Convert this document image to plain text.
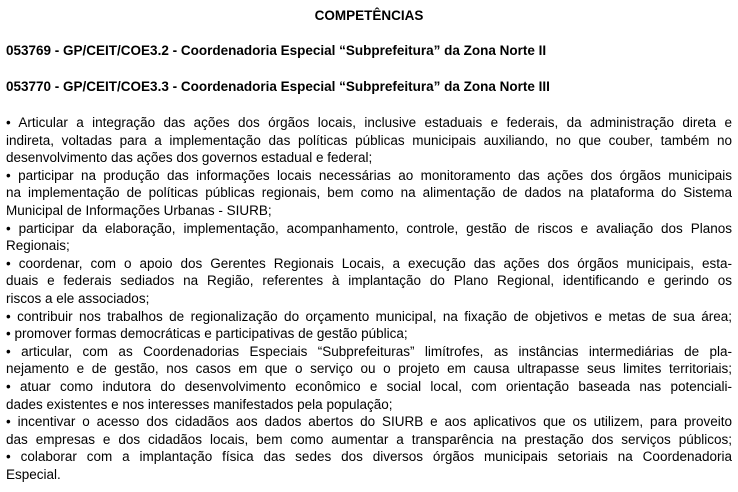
COMPETÊNCIAS
053769 - GP/CEIT/COE3.2 - Coordenadoria Especial “Subprefeitura” da Zona Norte II
053770 - GP/CEIT/COE3.3 - Coordenadoria Especial “Subprefeitura” da Zona Norte III
• Articular a integração das ações dos órgãos locais, inclusive estaduais e federais, da administração direta e
indireta, voltadas para a implementação das políticas públicas municipais auxiliando, no que couber, também no
desenvolvimento das ações dos governos estadual e federal;
• participar na produção das informações locais necessárias ao monitoramento das ações dos órgãos municipais
na implementação de políticas públicas regionais, bem como na alimentação de dados na plataforma do Sistema
Municipal de Informações Urbanas - SIURB;
• participar da elaboração, implementação, acompanhamento, controle, gestão de riscos e avaliação dos Planos
Regionais;
• coordenar, com o apoio dos Gerentes Regionais Locais, a execução das ações dos órgãos municipais, esta-
duais e federais sediados na Região, referentes à implantação do Plano Regional, identificando e gerindo os
riscos a ele associados;
• contribuir nos trabalhos de regionalização do orçamento municipal, na fixação de objetivos e metas de sua área;
• promover formas democráticas e participativas de gestão pública;
• articular, com as Coordenadorias Especiais “Subprefeituras” limítrofes, as instâncias intermediárias de pla-
nejamento e de gestão, nos casos em que o serviço ou o projeto em causa ultrapasse seus limites territoriais;
• atuar como indutora do desenvolvimento econômico e social local, com orientação baseada nas potenciali-
dades existentes e nos interesses manifestados pela população;
• incentivar o acesso dos cidadãos aos dados abertos do SIURB e aos aplicativos que os utilizem, para proveito
das empresas e dos cidadãos locais, bem como aumentar a transparência na prestação dos serviços públicos;
• colaborar com a implantação física das sedes dos diversos órgãos municipais setoriais na Coordenadoria
Especial.
